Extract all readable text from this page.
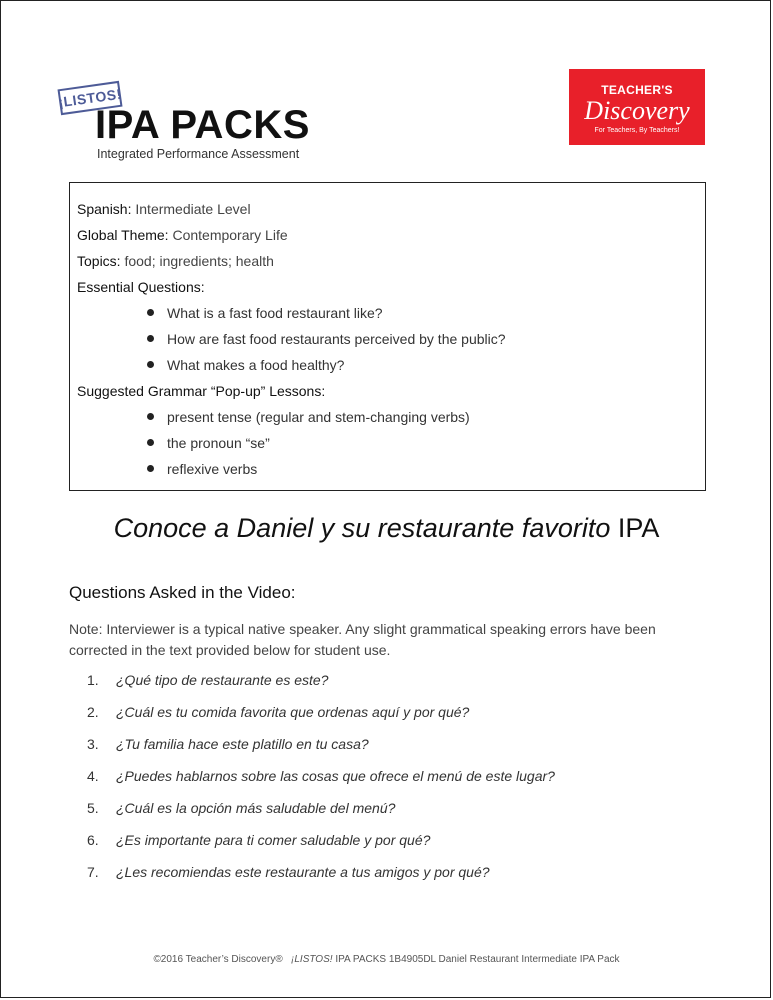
¡LISTOS!
IPA PACKS
Integrated Performance Assessment
TEACHER'S
Discovery
For Teachers, By Teachers!
Spanish: Intermediate Level
Global Theme: Contemporary Life
Topics: food; ingredients; health
Essential Questions:
What is a fast food restaurant like?
How are fast food restaurants perceived by the public?
What makes a food healthy?
Suggested Grammar “Pop-up” Lessons:
present tense (regular and stem-changing verbs)
the pronoun “se”
reflexive verbs
Conoce a Daniel y su restaurante favorito IPA
Questions Asked in the Video:
Note: Interviewer is a typical native speaker. Any slight grammatical speaking errors have been corrected in the text provided below for student use.
1.	¿Qué tipo de restaurante es este?
2.	¿Cuál es tu comida favorita que ordenas aquí y por qué?
3.	¿Tu familia hace este platillo en tu casa?
4.	¿Puedes hablarnos sobre las cosas que ofrece el menú de este lugar?
5.	¿Cuál es la opción más saludable del menú?
6.	¿Es importante para ti comer saludable y por qué?
7.	¿Les recomiendas este restaurante a tus amigos y por qué?
©2016 Teacher’s Discovery® ¡LISTOS! IPA PACKS 1B4905DL Daniel Restaurant Intermediate IPA Pack
